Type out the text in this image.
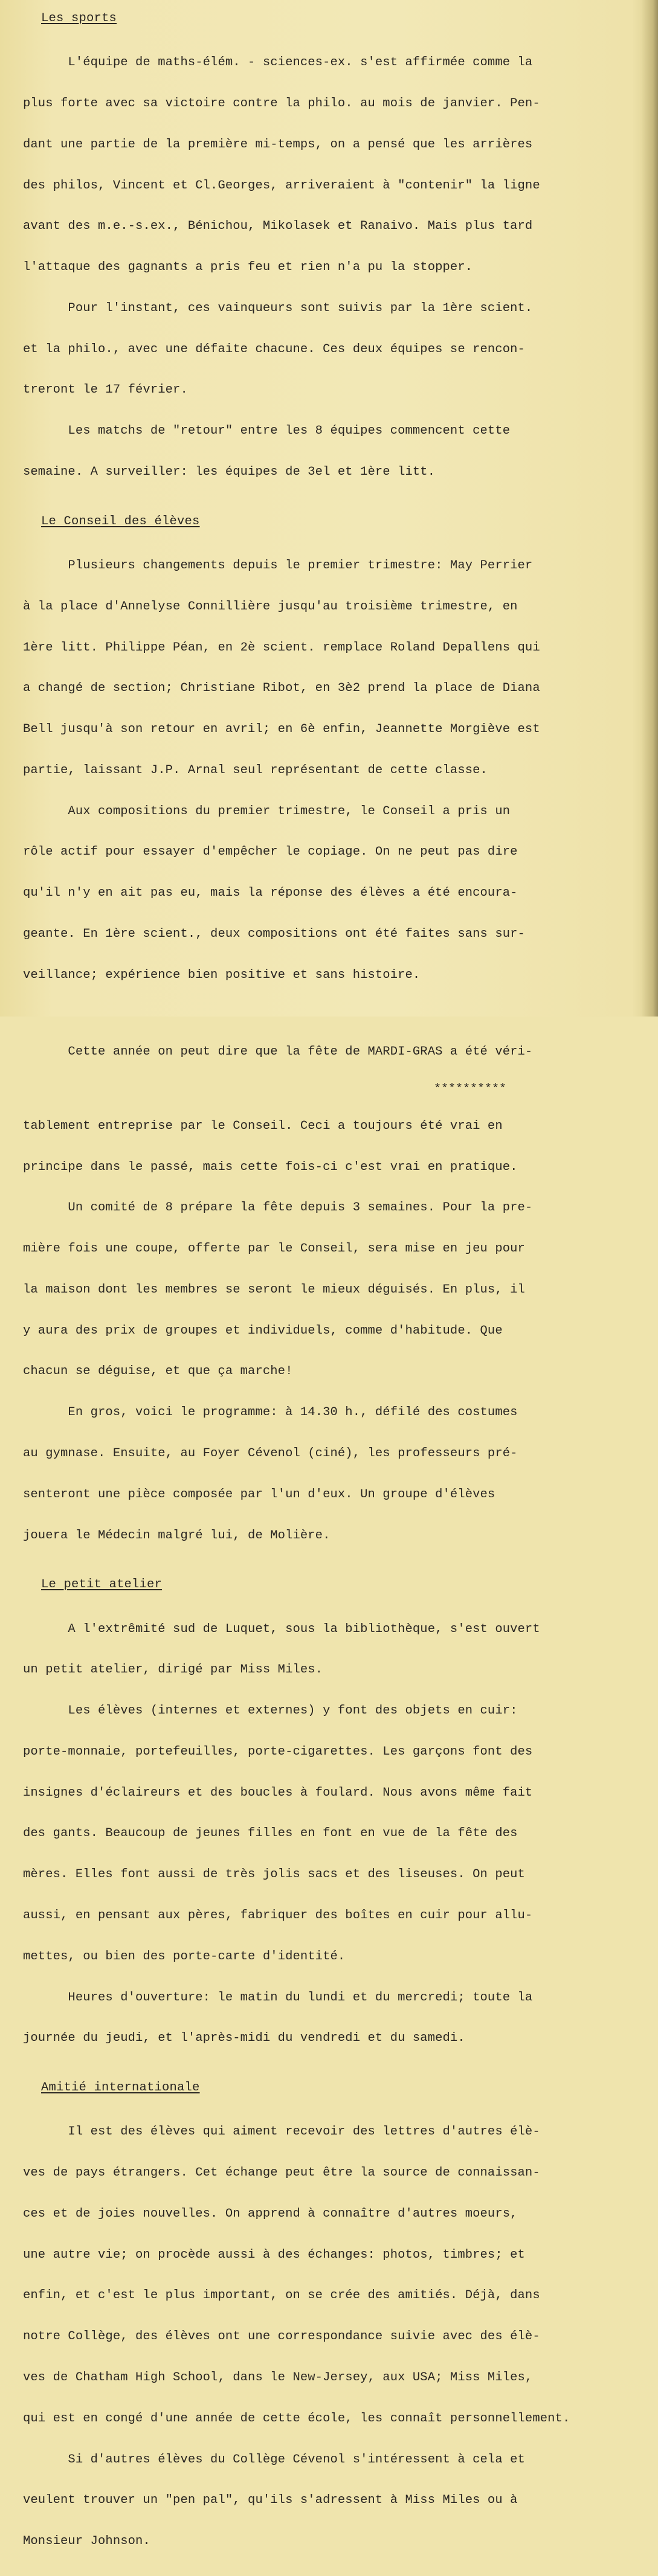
Les sports

L'équipe de maths-élém. - sciences-ex. s'est affirmée comme la

plus forte avec sa victoire contre la philo. au mois de janvier. Pen-

dant une partie de la première mi-temps, on a pensé que les arrières

des philos, Vincent et Cl.Georges, arriveraient à "contenir" la ligne

avant des m.e.-s.ex., Bénichou, Mikolasek et Ranaivo. Mais plus tard

l'attaque des gagnants a pris feu et rien n'a pu la stopper.

Pour l'instant, ces vainqueurs sont suivis par la 1ère scient.

et la philo., avec une défaite chacune. Ces deux équipes se rencon-

treront le 17 février.

Les matchs de "retour" entre les 8 équipes commencent cette

semaine. A surveiller: les équipes de 3el et 1ère litt.

Le Conseil des élèves

Plusieurs changements depuis le premier trimestre: May Perrier

à la place d'Annelyse Connillière jusqu'au troisième trimestre, en

1ère litt. Philippe Péan, en 2è scient. remplace Roland Depallens qui

a changé de section; Christiane Ribot, en 3è2 prend la place de Diana

Bell jusqu'à son retour en avril; en 6è enfin, Jeannette Morgiève est

partie, laissant J.P. Arnal seul représentant de cette classe.

Aux compositions du premier trimestre, le Conseil a pris un

rôle actif pour essayer d'empêcher le copiage. On ne peut pas dire

qu'il n'y en ait pas eu, mais la réponse des élèves a été encoura-

geante. En 1ère scient., deux compositions ont été faites sans sur-

veillance; expérience bien positive et sans histoire.

Cette année on peut dire que la fête de MARDI-GRAS a été véri-

**********

tablement entreprise par le Conseil. Ceci a toujours été vrai en

principe dans le passé, mais cette fois-ci c'est vrai en pratique.

Un comité de 8 prépare la fête depuis 3 semaines. Pour la pre-

mière fois une coupe, offerte par le Conseil, sera mise en jeu pour

la maison dont les membres se seront le mieux déguisés. En plus, il

y aura des prix de groupes et individuels, comme d'habitude. Que

chacun se déguise, et que ça marche!

En gros, voici le programme: à 14.30 h., défilé des costumes

au gymnase. Ensuite, au Foyer Cévenol (ciné), les professeurs pré-

senteront une pièce composée par l'un d'eux. Un groupe d'élèves

jouera le Médecin malgré lui, de Molière.

Le petit atelier

A l'extrêmité sud de Luquet, sous la bibliothèque, s'est ouvert

un petit atelier, dirigé par Miss Miles.

Les élèves (internes et externes) y font des objets en cuir:

porte-monnaie, portefeuilles, porte-cigarettes. Les garçons font des

insignes d'éclaireurs et des boucles à foulard. Nous avons même fait

des gants. Beaucoup de jeunes filles en font en vue de la fête des

mères. Elles font aussi de très jolis sacs et des liseuses. On peut

aussi, en pensant aux pères, fabriquer des boîtes en cuir pour allu-

mettes, ou bien des porte-carte d'identité.

Heures d'ouverture: le matin du lundi et du mercredi; toute la

journée du jeudi, et l'après-midi du vendredi et du samedi.

Amitié internationale

Il est des élèves qui aiment recevoir des lettres d'autres élè-

ves de pays étrangers. Cet échange peut être la source de connaissan-

ces et de joies nouvelles. On apprend à connaître d'autres moeurs,

une autre vie; on procède aussi à des échanges: photos, timbres; et

enfin, et c'est le plus important, on se crée des amitiés. Déjà, dans

notre Collège, des élèves ont une correspondance suivie avec des élè-

ves de Chatham High School, dans le New-Jersey, aux USA; Miss Miles,

qui est en congé d'une année de cette école, les connaît personnellement.

Si d'autres élèves du Collège Cévenol s'intéressent à cela et

veulent trouver un "pen pal", qu'ils s'adressent à Miss Miles ou à

Monsieur Johnson.
